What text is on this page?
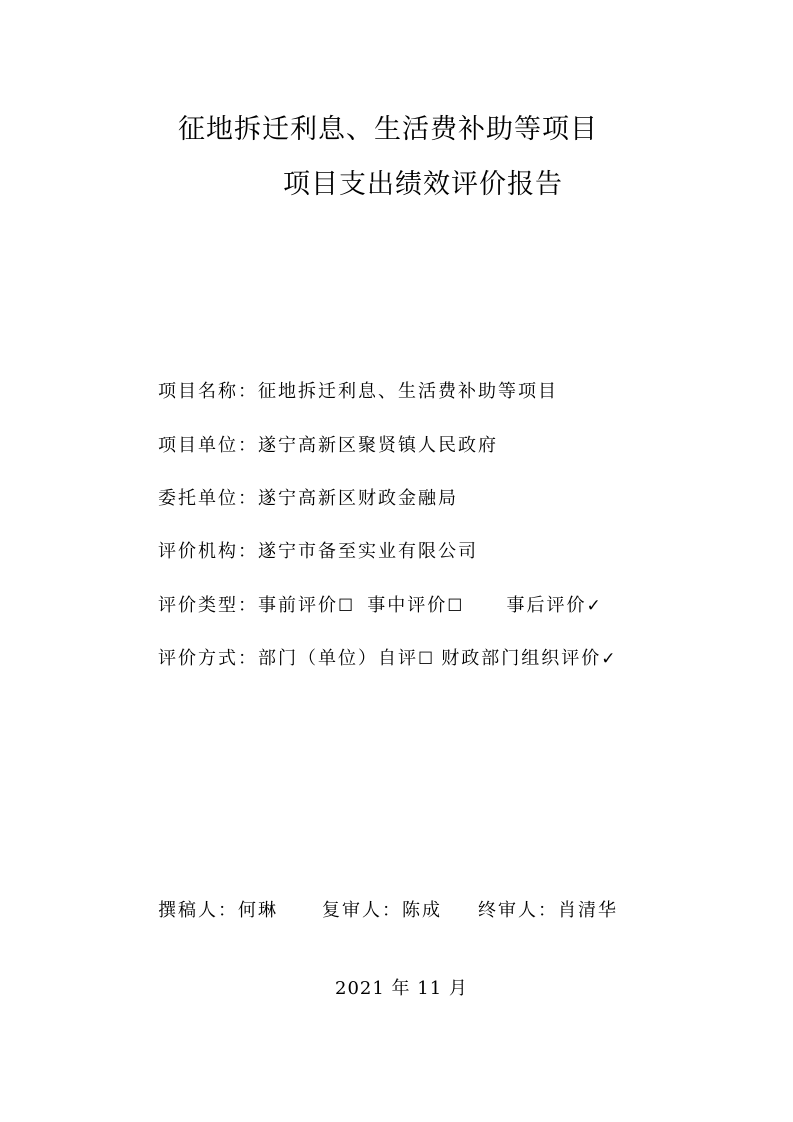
征地拆迁利息、生活费补助等项目
项目支出绩效评价报告
项目名称：征地拆迁利息、生活费补助等项目
项目单位：遂宁高新区聚贤镇人民政府
委托单位：遂宁高新区财政金融局
评价机构：遂宁市备至实业有限公司
评价类型：事前评价☐ 事中评价☐ 事后评价✓
评价方式：部门（单位）自评☐ 财政部门组织评价✓
撰稿人：何琳 复审人：陈成 终审人：肖清华
2021 年 11 月
